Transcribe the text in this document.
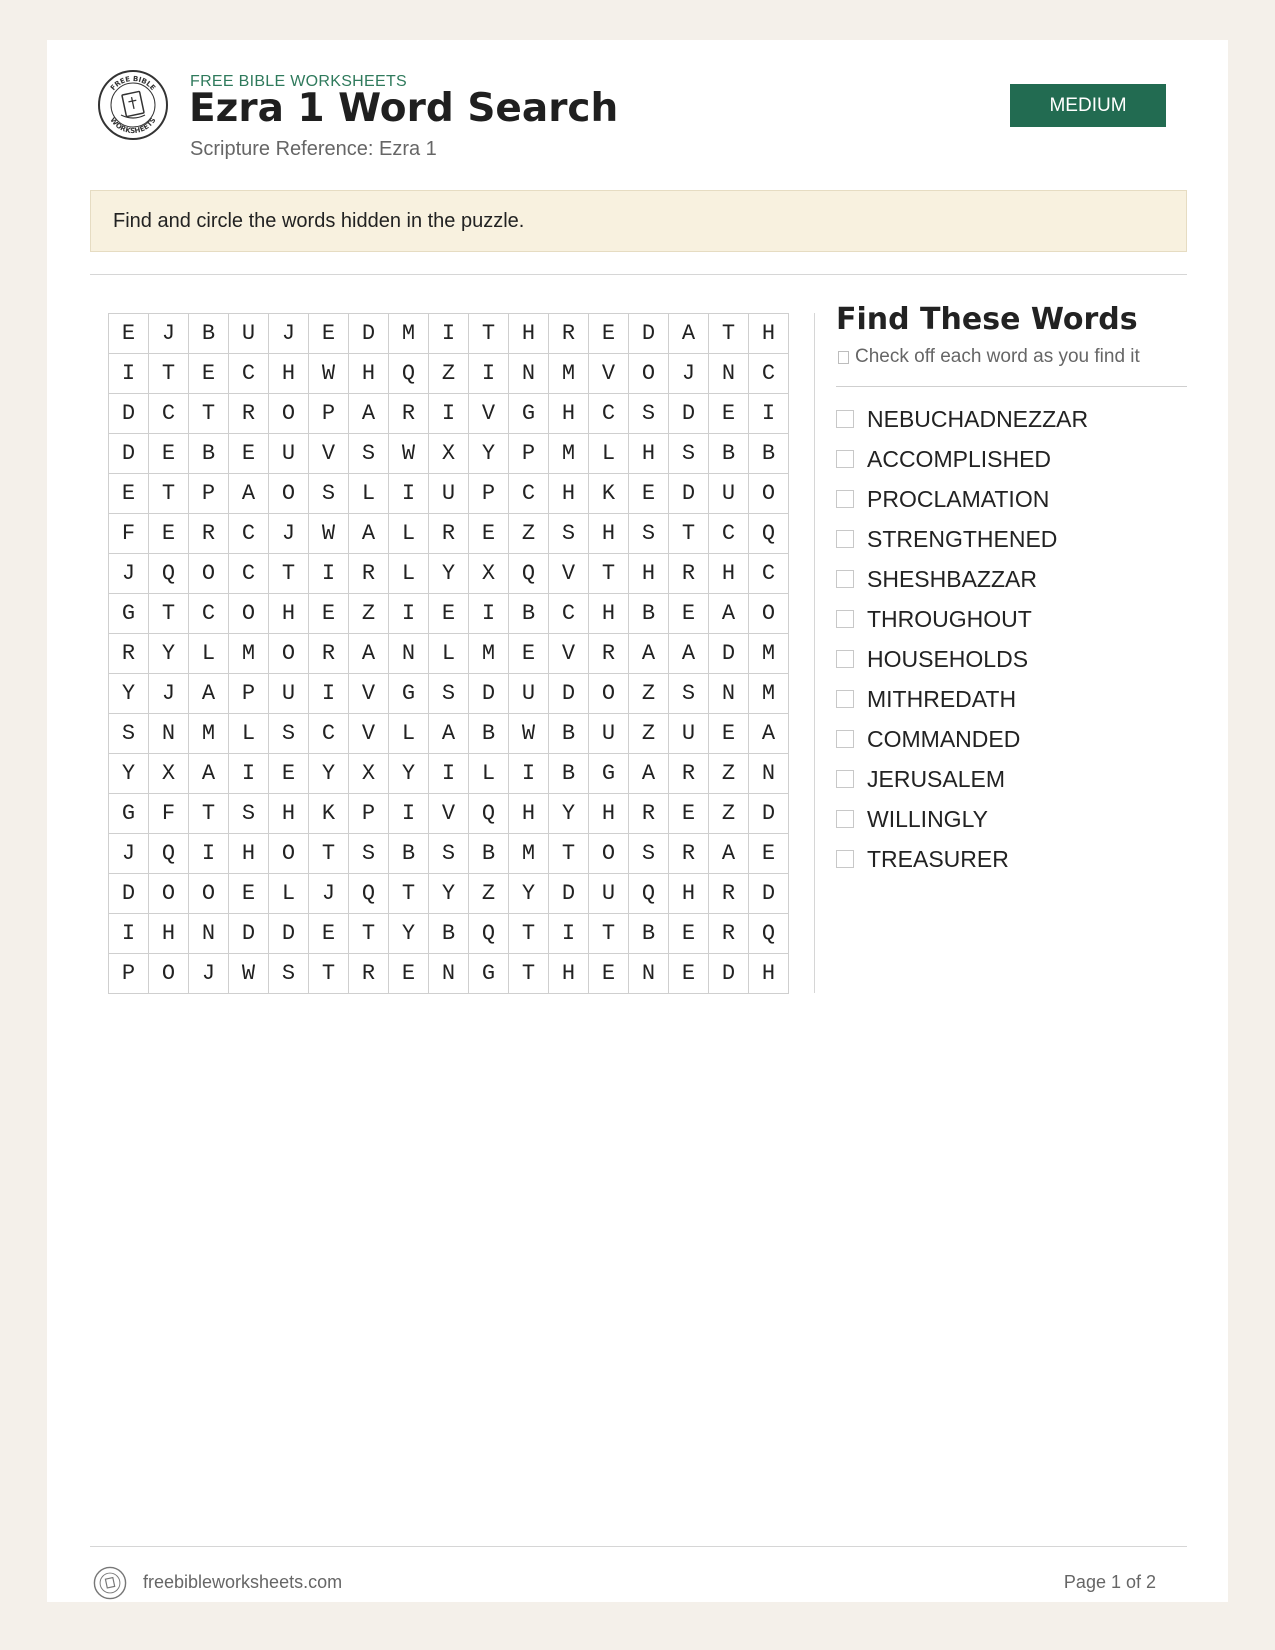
FREE BIBLE
WORKSHEETS
FREE BIBLE WORKSHEETS
Ezra 1 Word Search
Scripture Reference: Ezra 1
MEDIUM
Find and circle the words hidden in the puzzle.
E	J	B	U	J	E	D	M	I	T	H	R	E	D	A	T	H
I	T	E	C	H	W	H	Q	Z	I	N	M	V	O	J	N	C
D	C	T	R	O	P	A	R	I	V	G	H	C	S	D	E	I
D	E	B	E	U	V	S	W	X	Y	P	M	L	H	S	B	B
E	T	P	A	O	S	L	I	U	P	C	H	K	E	D	U	O
F	E	R	C	J	W	A	L	R	E	Z	S	H	S	T	C	Q
J	Q	O	C	T	I	R	L	Y	X	Q	V	T	H	R	H	C
G	T	C	O	H	E	Z	I	E	I	B	C	H	B	E	A	O
R	Y	L	M	O	R	A	N	L	M	E	V	R	A	A	D	M
Y	J	A	P	U	I	V	G	S	D	U	D	O	Z	S	N	M
S	N	M	L	S	C	V	L	A	B	W	B	U	Z	U	E	A
Y	X	A	I	E	Y	X	Y	I	L	I	B	G	A	R	Z	N
G	F	T	S	H	K	P	I	V	Q	H	Y	H	R	E	Z	D
J	Q	I	H	O	T	S	B	S	B	M	T	O	S	R	A	E
D	O	O	E	L	J	Q	T	Y	Z	Y	D	U	Q	H	R	D
I	H	N	D	D	E	T	Y	B	Q	T	I	T	B	E	R	Q
P	O	J	W	S	T	R	E	N	G	T	H	E	N	E	D	H
Find These Words
Check off each word as you find it
NEBUCHADNEZZAR
ACCOMPLISHED
PROCLAMATION
STRENGTHENED
SHESHBAZZAR
THROUGHOUT
HOUSEHOLDS
MITHREDATH
COMMANDED
JERUSALEM
WILLINGLY
TREASURER
freebibleworksheets.com	Page 1 of 2
